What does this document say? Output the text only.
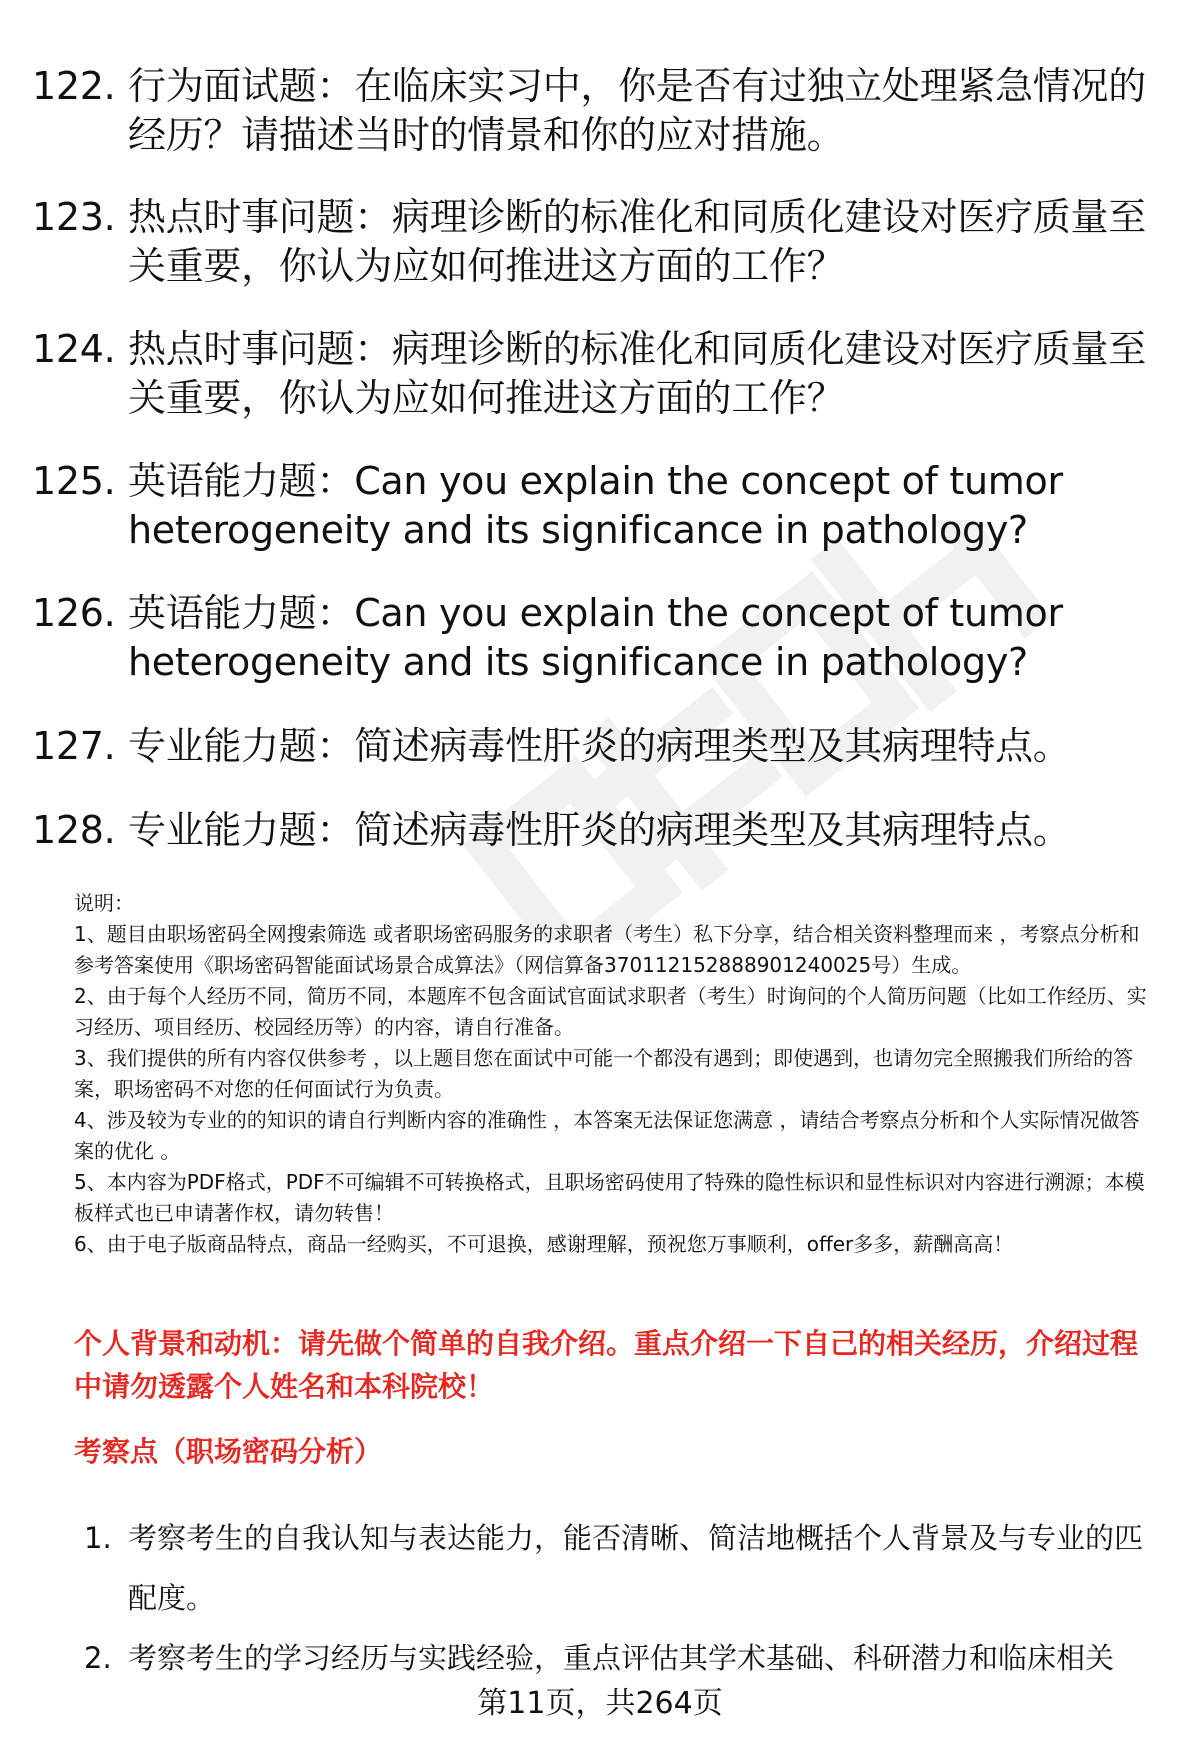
122. 行为面试题：在临床实习中，你是否有过独立处理紧急情况的经历？请描述当时的情景和你的应对措施。
123. 热点时事问题：病理诊断的标准化和同质化建设对医疗质量至关重要，你认为应如何推进这方面的工作？
124. 热点时事问题：病理诊断的标准化和同质化建设对医疗质量至关重要，你认为应如何推进这方面的工作？
125. 英语能力题：Can you explain the concept of tumor heterogeneity and its significance in pathology?
126. 英语能力题：Can you explain the concept of tumor heterogeneity and its significance in pathology?
127. 专业能力题：简述病毒性肝炎的病理类型及其病理特点。
128. 专业能力题：简述病毒性肝炎的病理类型及其病理特点。

说明：

1、题目由职场密码全网搜索筛选 或者职场密码服务的求职者（考生）私下分享，结合相关资料整理而来 ，考察点分析和参考答案使用《职场密码智能面试场景合成算法》（网信算备370112152888901240025号）生成。

2、由于每个人经历不同，简历不同，本题库不包含面试官面试求职者（考生）时询问的个人简历问题（比如工作经历、实习经历、项目经历、校园经历等）的内容，请自行准备。

3、我们提供的所有内容仅供参考 ，以上题目您在面试中可能一个都没有遇到；即使遇到，也请勿完全照搬我们所给的答案，职场密码不对您的任何面试行为负责。

4、涉及较为专业的的知识的请自行判断内容的准确性 ，本答案无法保证您满意 ，请结合考察点分析和个人实际情况做答案的优化 。

5、本内容为PDF格式，PDF不可编辑不可转换格式，且职场密码使用了特殊的隐性标识和显性标识对内容进行溯源；本模板样式也已申请著作权，请勿转售！

6、由于电子版商品特点，商品一经购买，不可退换，感谢理解，预祝您万事顺利，offer多多，薪酬高高！

个人背景和动机：请先做个简单的自我介绍。重点介绍一下自己的相关经历，介绍过程中请勿透露个人姓名和本科院校！
考察点（职场密码分析）
1. 考察考生的自我认知与表达能力，能否清晰、简洁地概括个人背景及与专业的匹配度。
2. 考察考生的学习经历与实践经验，重点评估其学术基础、科研潜力和临床相关
第11页，共264页
